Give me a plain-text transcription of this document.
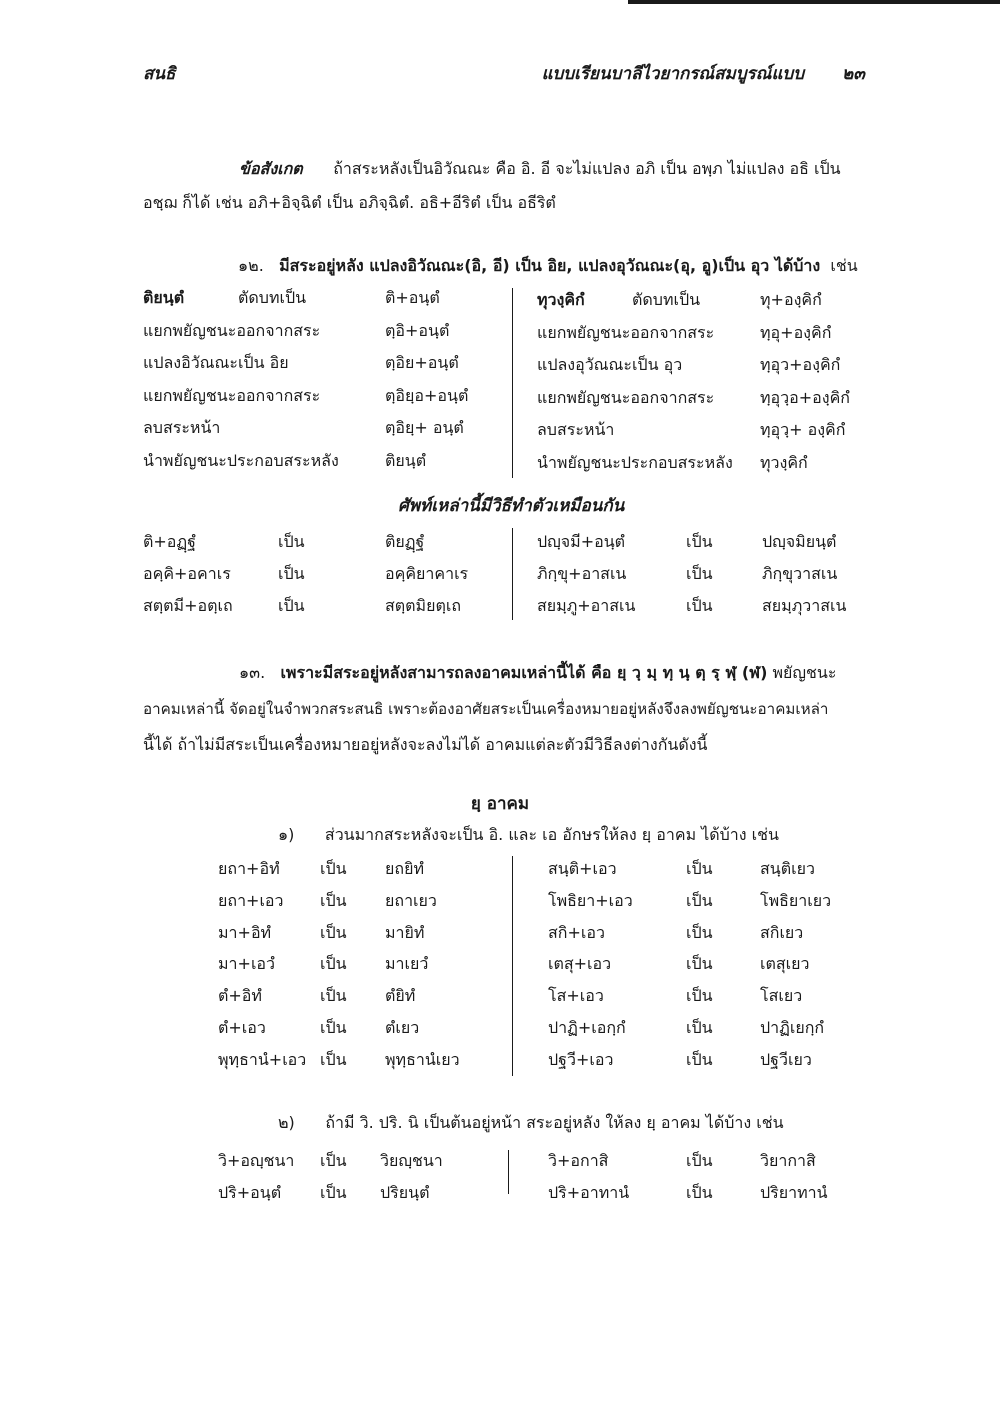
สนธิ	แบบเรียนบาลีไวยากรณ์สมบูรณ์แบบ ๒๓
ข้อสังเกต ถ้าสระหลังเป็นอิวัณณะ คือ อิ. อี จะไม่แปลง อภิ เป็น อพฺภ ไม่แปลง อธิ เป็น
อชฺฌ ก็ได้ เช่น อภิ+อิจฺฉิตํ เป็น อภิจฺฉิตํ. อธิ+อีริตํ เป็น อธีริตํ
๑๒. มีสระอยู่หลัง แปลงอิวัณณะ(อิ, อี) เป็น อิย, แปลงอุวัณณะ(อุ, อู)เป็น อุว ได้บ้าง เช่น
ติยนฺตํ	ตัดบทเป็น	ติ+อนฺตํ
แยกพยัญชนะออกจากสระ	ตฺอิ+อนฺตํ
แปลงอิวัณณะเป็น อิย	ตฺอิย+อนฺตํ
แยกพยัญชนะออกจากสระ	ตฺอิยฺอ+อนฺตํ
ลบสระหน้า	ตฺอิยฺ+ อนฺตํ
นำพยัญชนะประกอบสระหลัง	ติยนฺตํ
ทุวงฺคิกํ	ตัดบทเป็น	ทุ+องฺคิกํ
แยกพยัญชนะออกจากสระ	ทฺอุ+องฺคิกํ
แปลงอุวัณณะเป็น อุว	ทฺอุว+องฺคิกํ
แยกพยัญชนะออกจากสระ	ทฺอุวฺอ+องฺคิกํ
ลบสระหน้า	ทฺอุวฺ+ องฺคิกํ
นำพยัญชนะประกอบสระหลัง ทุวงฺคิกํ
ศัพท์เหล่านี้มีวิธีทำตัวเหมือนกัน
ติ+อฏฺฐํ	เป็น	ติยฏฺฐํ	ปญฺจมี+อนฺตํ	เป็น	ปญฺจมิยนฺตํ
อคฺคิ+อคาเร	เป็น	อคฺคิยาคาเร	ภิกฺขุ+อาสเน	เป็น	ภิกฺขุวาสเน
สตฺตมี+อตฺเถ	เป็น	สตฺตมิยตฺเถ	สยมฺภู+อาสเน	เป็น	สยมฺภุวาสเน
๑๓. เพราะมีสระอยู่หลังสามารถลงอาคมเหล่านี้ได้ คือ ยฺ วฺ มฺ ทฺ นฺ ตฺ รฺ ฬฺ (ฬ) พยัญชนะ
อาคมเหล่านี้ จัดอยู่ในจำพวกสระสนธิ เพราะต้องอาศัยสระเป็นเครื่องหมายอยู่หลังจึงลงพยัญชนะอาคมเหล่า
นี้ได้ ถ้าไม่มีสระเป็นเครื่องหมายอยู่หลังจะลงไม่ได้ อาคมแต่ละตัวมีวิธีลงต่างกันดังนี้
ยฺ อาคม
๑) ส่วนมากสระหลังจะเป็น อิ. และ เอ อักษรให้ลง ยฺ อาคม ได้บ้าง เช่น
ยถา+อิทํ	เป็น ยถยิทํ	สนฺติ+เอว	เป็น	สนฺติเยว
ยถา+เอว เป็น ยถาเยว	โพธิยา+เอว	เป็น	โพธิยาเยว
มา+อิทํ	เป็น มายิทํ	สกิ+เอว	เป็น	สกิเยว
มา+เอวํ	เป็น มาเยวํ	เตสุ+เอว	เป็น	เตสุเยว
ตํ+อิทํ	เป็น ตํยิทํ	โส+เอว	เป็น	โสเยว
ตํ+เอว	เป็น ตํเยว	ปาฏิ+เอกฺกํ	เป็น	ปาฏิเยกฺกํ
พุทฺธานํ+เอว เป็น พุทฺธานํเยว	ปฐวี+เอว	เป็น	ปฐวีเยว
๒) ถ้ามี วิ. ปริ. นิ เป็นต้นอยู่หน้า สระอยู่หลัง ให้ลง ยฺ อาคม ได้บ้าง เช่น
วิ+อญฺชนา เป็น วิยญฺชนา	วิ+อกาสิ	เป็น	วิยากาสิ
ปริ+อนฺตํ เป็น ปริยนฺตํ	ปริ+อาทานํ	เป็น	ปริยาทานํ
